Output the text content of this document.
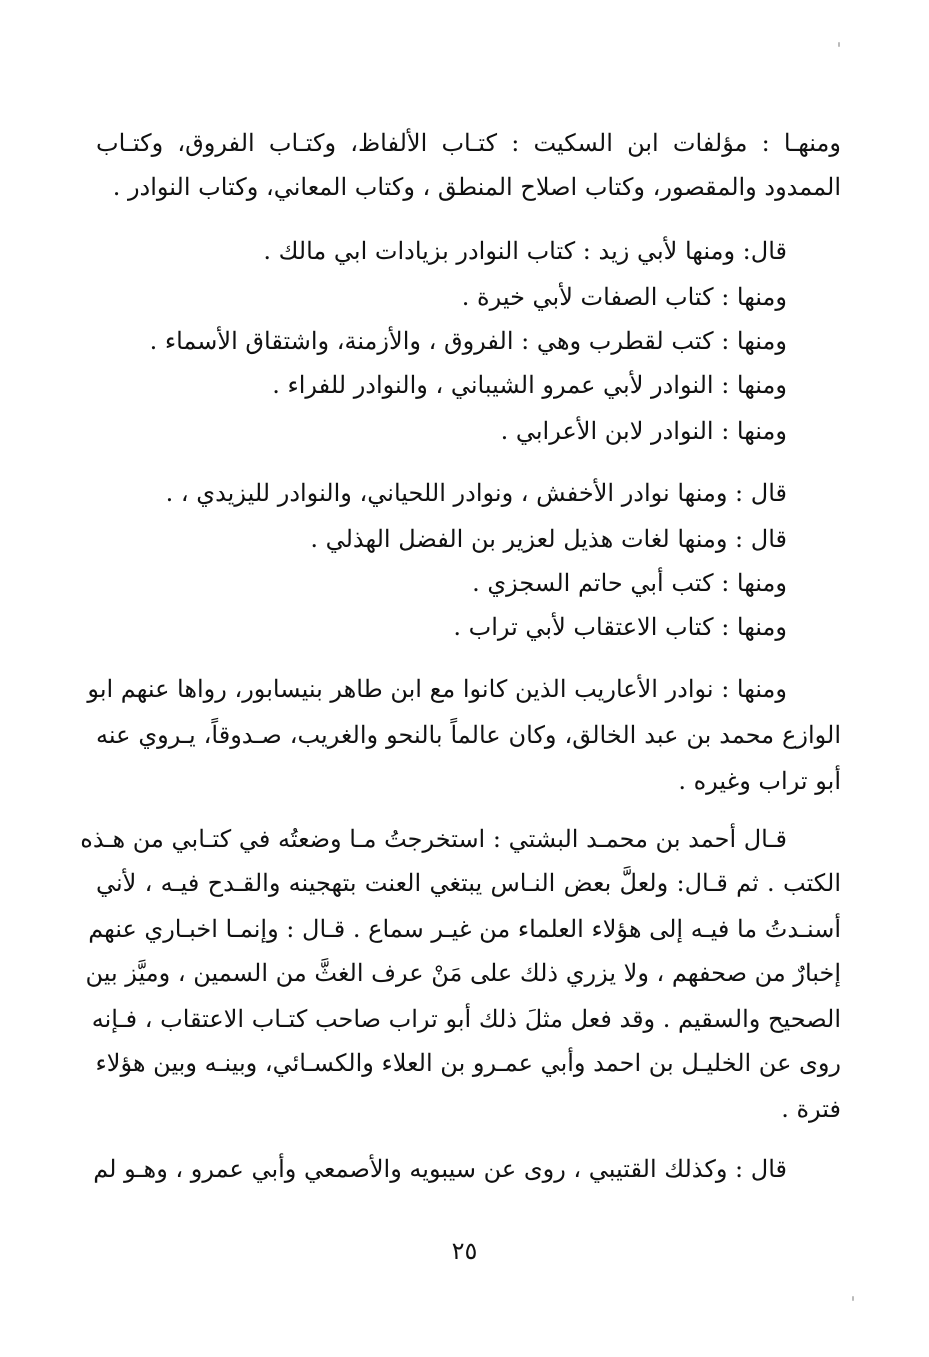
ومنهـا : مؤلفات ابن السكيت : كتـاب الألفاظ، وكتـاب الفروق، وكتـاب
الممدود والمقصور، وكتاب اصلاح المنطق ، وكتاب المعاني، وكتاب النوادر .
قال: ومنها لأبي زيد : كتاب النوادر بزيادات ابي مالك .
ومنها : كتاب الصفات لأبي خيرة .
ومنها : كتب لقطرب وهي : الفروق ، والأزمنة، واشتقاق الأسماء .
ومنها : النوادر لأبي عمرو الشيباني ، والنوادر للفراء .
ومنها : النوادر لابن الأعرابي .
قال : ومنها نوادر الأخفش ، ونوادر اللحياني، والنوادر لليزيدي ، .
قال : ومنها لغات هذيل لعزير بن الفضل الهذلي .
ومنها : كتب أبي حاتم السجزي .
ومنها : كتاب الاعتقاب لأبي تراب .
ومنها : نوادر الأعاريب الذين كانوا مع ابن طاهر بنيسابور، رواها عنهم ابو
الوازع محمد بن عبد الخالق، وكان عالماً بالنحو والغريب، صـدوقاً، يـروي عنه
أبو تراب وغيره .
قـال أحمد بن محمـد البشتي : استخرجتُ مـا وضعتُه في كتـابي من هـذه
الكتب . ثم قـال: ولعلَّ بعض النـاس يبتغي العنت بتهجينه والقـدح فيـه ، لأني
أسنـدتُ ما فيـه إلى هؤلاء العلماء من غيـر سماع . قـال : وإنمـا اخبـاري عنهم
إخبارٌ من صحفهم ، ولا يزري ذلك على مَنْ عرف الغثَّ من السمين ، وميَّز بين
الصحيح والسقيم . وقد فعل مثلَ ذلك أبو تراب صاحب كتـاب الاعتقاب ، فـإنه
روى عن الخليـل بن احمد وأبي عمـرو بن العلاء والكسـائي، وبينـه وبين هؤلاء
فترة .
قال : وكذلك القتيبي ، روى عن سيبويه والأصمعي وأبي عمرو ، وهـو لم
٢٥
